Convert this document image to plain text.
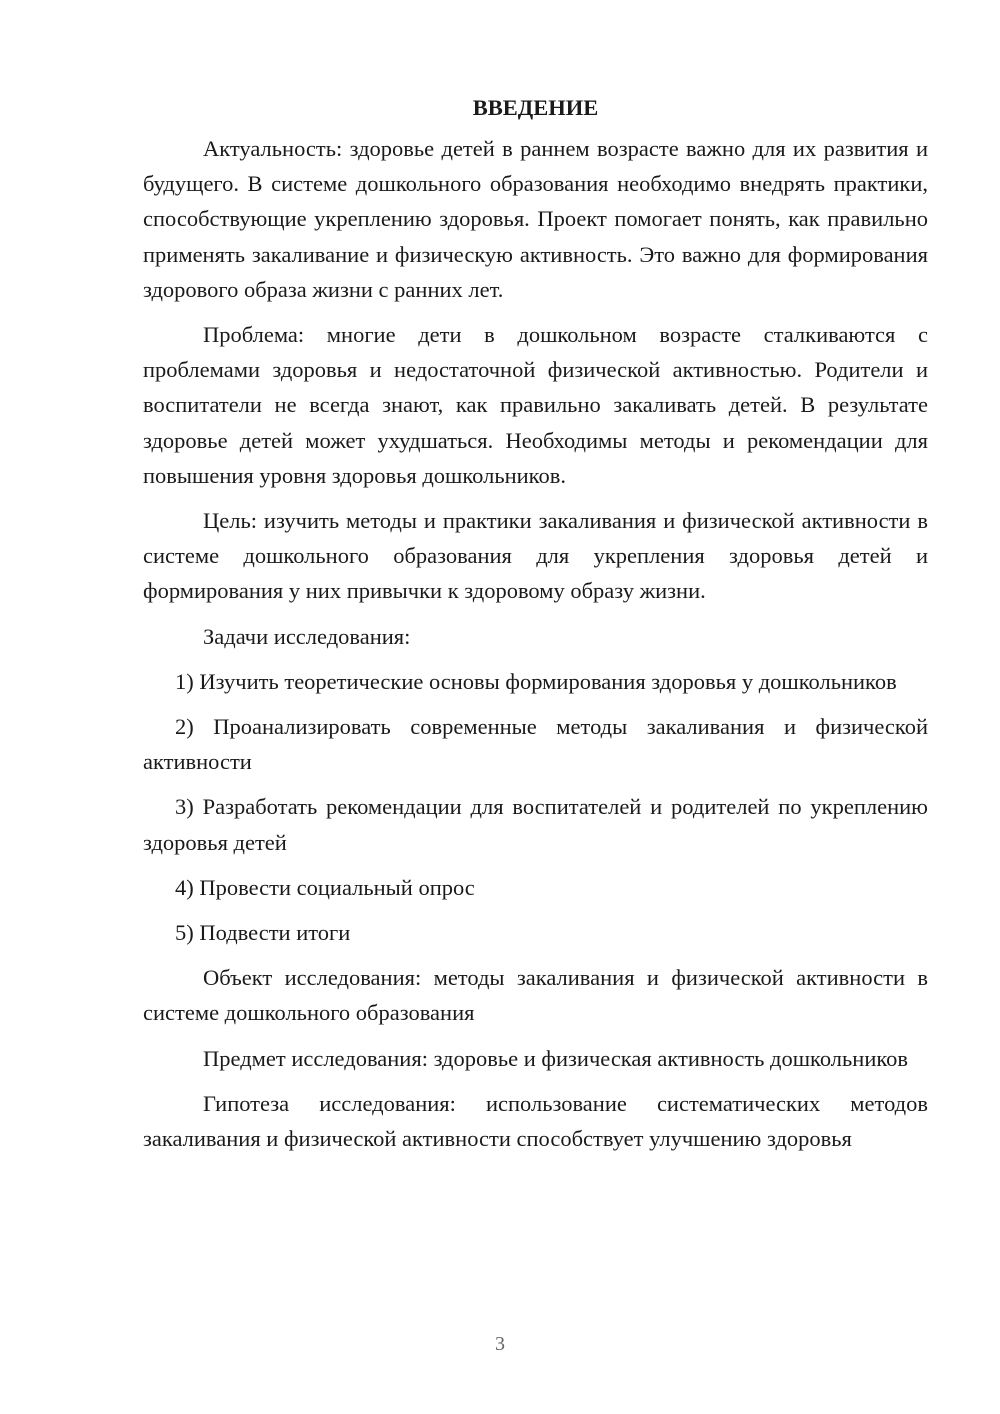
ВВЕДЕНИЕ

Актуальность: здоровье детей в раннем возрасте важно для их развития и будущего. В системе дошкольного образования необходимо внедрять практики, способствующие укреплению здоровья. Проект помогает понять, как правильно применять закаливание и физическую активность. Это важно для формирования здорового образа жизни с ранних лет.

Проблема: многие дети в дошкольном возрасте сталкиваются с проблемами здоровья и недостаточной физической активностью. Родители и воспитатели не всегда знают, как правильно закаливать детей. В результате здоровье детей может ухудшаться. Необходимы методы и рекомендации для повышения уровня здоровья дошкольников.

Цель: изучить методы и практики закаливания и физической активности в системе дошкольного образования для укрепления здоровья детей и формирования у них привычки к здоровому образу жизни.

Задачи исследования:

1) Изучить теоретические основы формирования здоровья у дошкольников

2) Проанализировать современные методы закаливания и физической активности

3) Разработать рекомендации для воспитателей и родителей по укреплению здоровья детей

4) Провести социальный опрос

5) Подвести итоги

Объект исследования: методы закаливания и физической активности в системе дошкольного образования

Предмет исследования: здоровье и физическая активность дошкольников

Гипотеза исследования: использование систематических методов закаливания и физической активности способствует улучшению здоровья

3
